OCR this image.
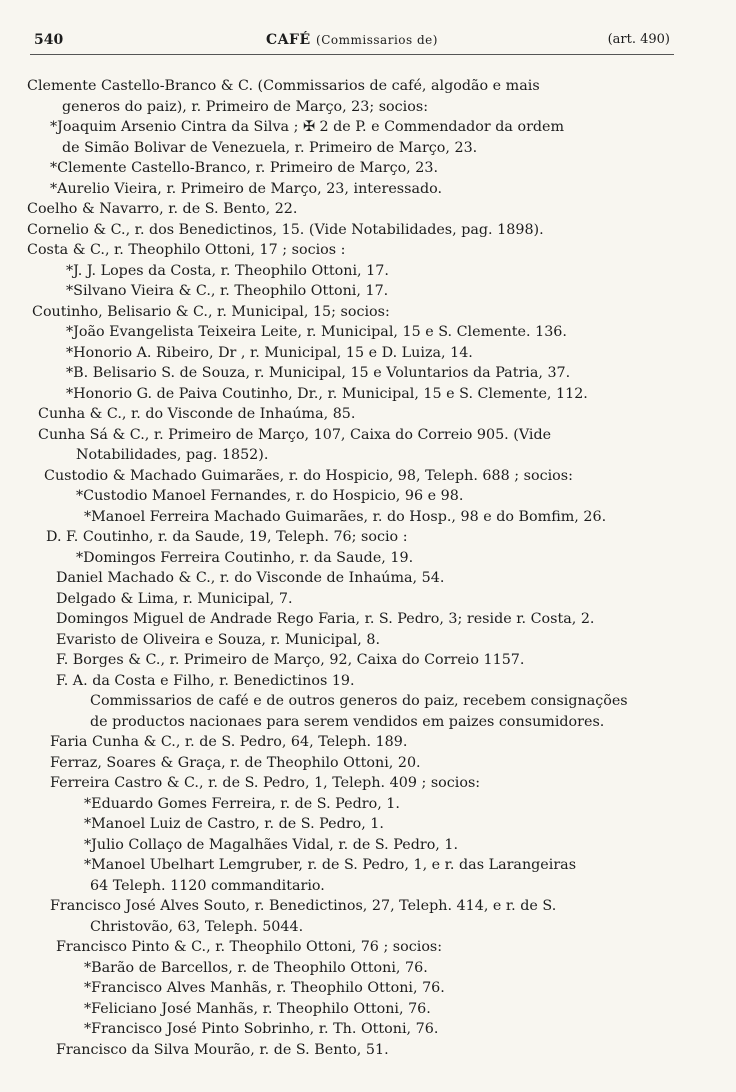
540	CAFÉ (Commissarios de)	(art. 490)
Clemente Castello-Branco & C. (Commissarios de café, algodão e mais
generos do paiz), r. Primeiro de Março, 23; socios:
*Joaquim Arsenio Cintra da Silva ; ✠ 2 de P. e Commendador da ordem
de Simão Bolivar de Venezuela, r. Primeiro de Março, 23.
*Clemente Castello-Branco, r. Primeiro de Março, 23.
*Aurelio Vieira, r. Primeiro de Março, 23, interessado.
Coelho & Navarro, r. de S. Bento, 22.
Cornelio & C., r. dos Benedictinos, 15. (Vide Notabilidades, pag. 1898).
Costa & C., r. Theophilo Ottoni, 17 ; socios :
*J. J. Lopes da Costa, r. Theophilo Ottoni, 17.
*Silvano Vieira & C., r. Theophilo Ottoni, 17.
Coutinho, Belisario & C., r. Municipal, 15; socios:
*João Evangelista Teixeira Leite, r. Municipal, 15 e S. Clemente. 136.
*Honorio A. Ribeiro, Dr , r. Municipal, 15 e D. Luiza, 14.
*B. Belisario S. de Souza, r. Municipal, 15 e Voluntarios da Patria, 37.
*Honorio G. de Paiva Coutinho, Dr., r. Municipal, 15 e S. Clemente, 112.
Cunha & C., r. do Visconde de Inhaúma, 85.
Cunha Sá & C., r. Primeiro de Março, 107, Caixa do Correio 905. (Vide
Notabilidades, pag. 1852).
Custodio & Machado Guimarães, r. do Hospicio, 98, Teleph. 688 ; socios:
*Custodio Manoel Fernandes, r. do Hospicio, 96 e 98.
*Manoel Ferreira Machado Guimarães, r. do Hosp., 98 e do Bomfim, 26.
D. F. Coutinho, r. da Saude, 19, Teleph. 76; socio :
*Domingos Ferreira Coutinho, r. da Saude, 19.
Daniel Machado & C., r. do Visconde de Inhaúma, 54.
Delgado & Lima, r. Municipal, 7.
Domingos Miguel de Andrade Rego Faria, r. S. Pedro, 3; reside r. Costa, 2.
Evaristo de Oliveira e Souza, r. Municipal, 8.
F. Borges & C., r. Primeiro de Março, 92, Caixa do Correio 1157.
F. A. da Costa e Filho, r. Benedictinos 19.
Commissarios de café e de outros generos do paiz, recebem consignações
de productos nacionaes para serem vendidos em paizes consumidores.
Faria Cunha & C., r. de S. Pedro, 64, Teleph. 189.
Ferraz, Soares & Graça, r. de Theophilo Ottoni, 20.
Ferreira Castro & C., r. de S. Pedro, 1, Teleph. 409 ; socios:
*Eduardo Gomes Ferreira, r. de S. Pedro, 1.
*Manoel Luiz de Castro, r. de S. Pedro, 1.
*Julio Collaço de Magalhães Vidal, r. de S. Pedro, 1.
*Manoel Ubelhart Lemgruber, r. de S. Pedro, 1, e r. das Larangeiras
64 Teleph. 1120 commanditario.
Francisco José Alves Souto, r. Benedictinos, 27, Teleph. 414, e r. de S.
Christovão, 63, Teleph. 5044.
Francisco Pinto & C., r. Theophilo Ottoni, 76 ; socios:
*Barão de Barcellos, r. de Theophilo Ottoni, 76.
*Francisco Alves Manhãs, r. Theophilo Ottoni, 76.
*Feliciano José Manhãs, r. Theophilo Ottoni, 76.
*Francisco José Pinto Sobrinho, r. Th. Ottoni, 76.
Francisco da Silva Mourão, r. de S. Bento, 51.
